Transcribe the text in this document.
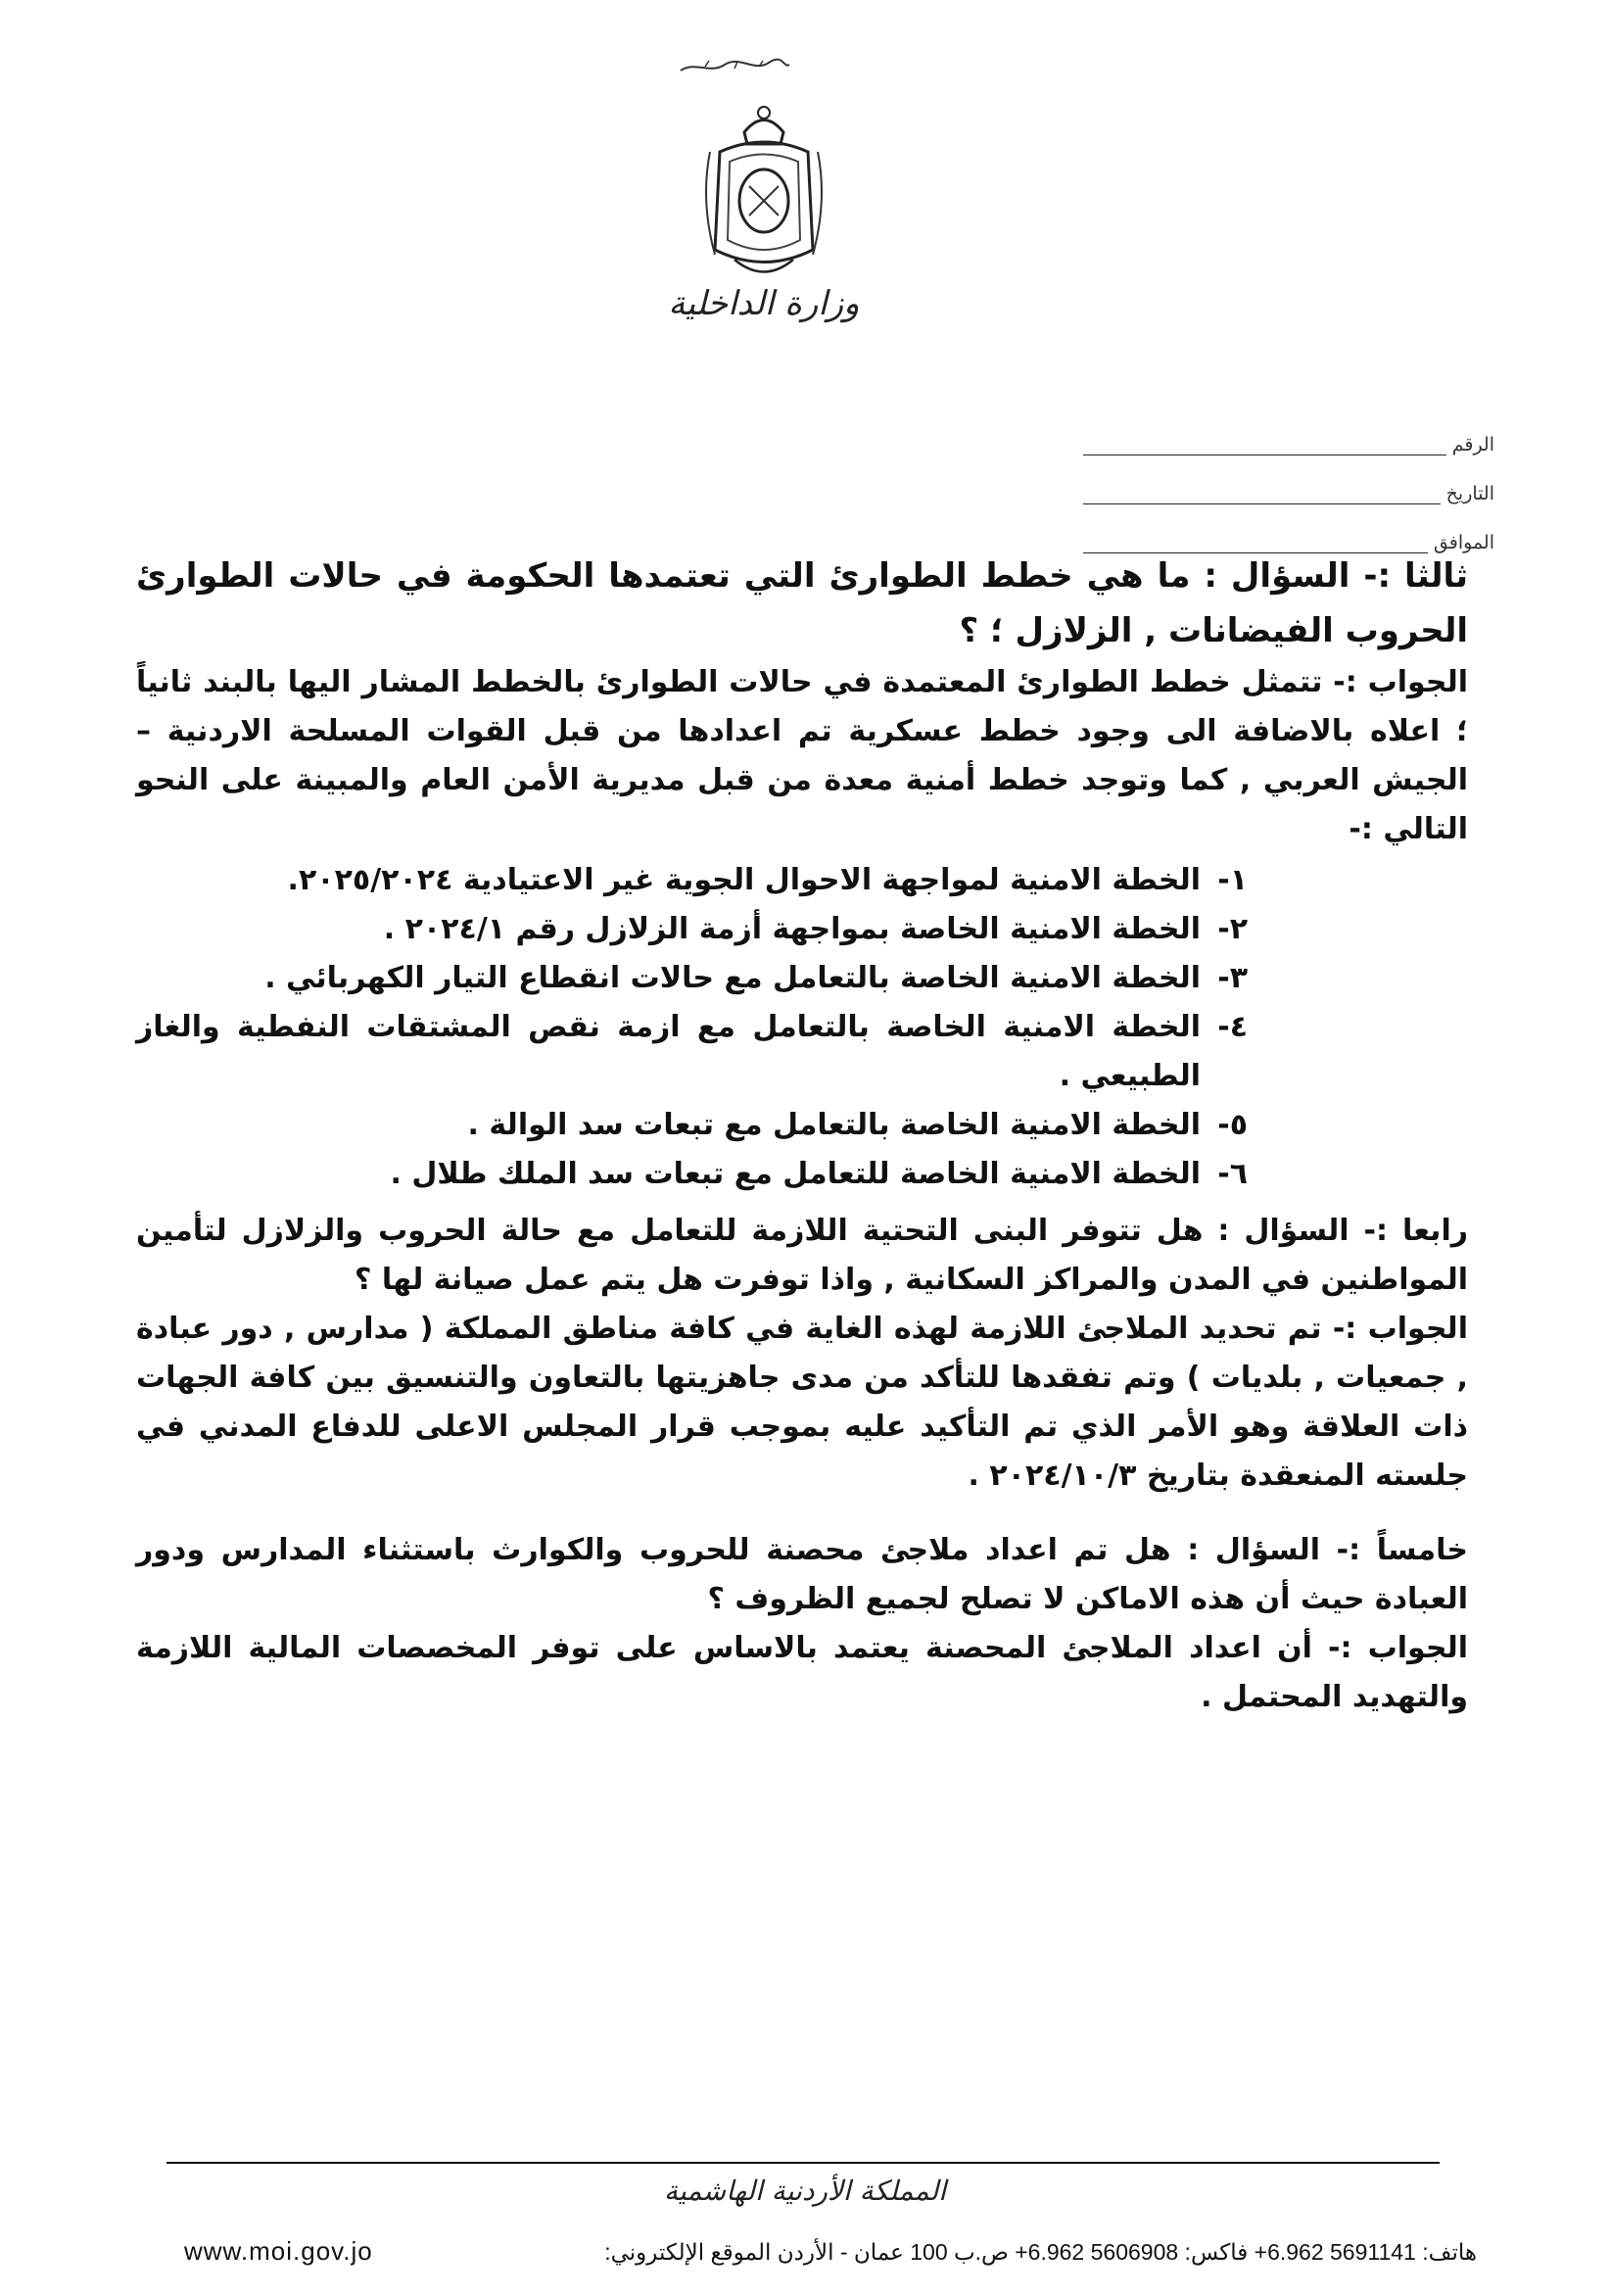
وزارة الداخلية
الرقم
التاريخ
الموافق
ثالثا :- السؤال : ما هي خطط الطوارئ التي تعتمدها الحكومة في حالات الطوارئ الحروب الفيضانات , الزلازل ؛ ؟
الجواب :- تتمثل خطط الطوارئ المعتمدة في حالات الطوارئ بالخطط المشار اليها بالبند ثانياً ؛ اعلاه بالاضافة الى وجود خطط عسكرية تم اعدادها من قبل القوات المسلحة الاردنية – الجيش العربي , كما وتوجد خطط أمنية معدة من قبل مديرية الأمن العام والمبينة على النحو التالي :-
١-
الخطة الامنية لمواجهة الاحوال الجوية غير الاعتيادية ٢٠٢٥/٢٠٢٤.
٢-
الخطة الامنية الخاصة بمواجهة أزمة الزلازل رقم ٢٠٢٤/١ .
٣-
الخطة الامنية الخاصة بالتعامل مع حالات انقطاع التيار الكهربائي .
٤-
الخطة الامنية الخاصة بالتعامل مع ازمة نقص المشتقات النفطية والغاز الطبيعي .
٥-
الخطة الامنية الخاصة بالتعامل مع تبعات سد الوالة .
٦-
الخطة الامنية الخاصة للتعامل مع تبعات سد الملك طلال .
رابعا :- السؤال : هل تتوفر البنى التحتية اللازمة للتعامل مع حالة الحروب والزلازل لتأمين المواطنين في المدن والمراكز السكانية , واذا توفرت هل يتم عمل صيانة لها ؟
الجواب :- تم تحديد الملاجئ اللازمة لهذه الغاية في كافة مناطق المملكة ( مدارس , دور عبادة , جمعيات , بلديات ) وتم تفقدها للتأكد من مدى جاهزيتها بالتعاون والتنسيق بين كافة الجهات ذات العلاقة وهو الأمر الذي تم التأكيد عليه بموجب قرار المجلس الاعلى للدفاع المدني في جلسته المنعقدة بتاريخ ٢٠٢٤/١٠/٣ .
خامساً :- السؤال : هل تم اعداد ملاجئ محصنة للحروب والكوارث باستثناء المدارس ودور العبادة حيث أن هذه الاماكن لا تصلح لجميع الظروف ؟
الجواب :- أن اعداد الملاجئ المحصنة يعتمد بالاساس على توفر المخصصات المالية اللازمة والتهديد المحتمل .
المملكة الأردنية الهاشمية
www.moi.gov.jo	هاتف: 5691141 6.962+ فاكس: 5606908 6.962+ ص.ب 100 عمان - الأردن الموقع الإلكتروني:
